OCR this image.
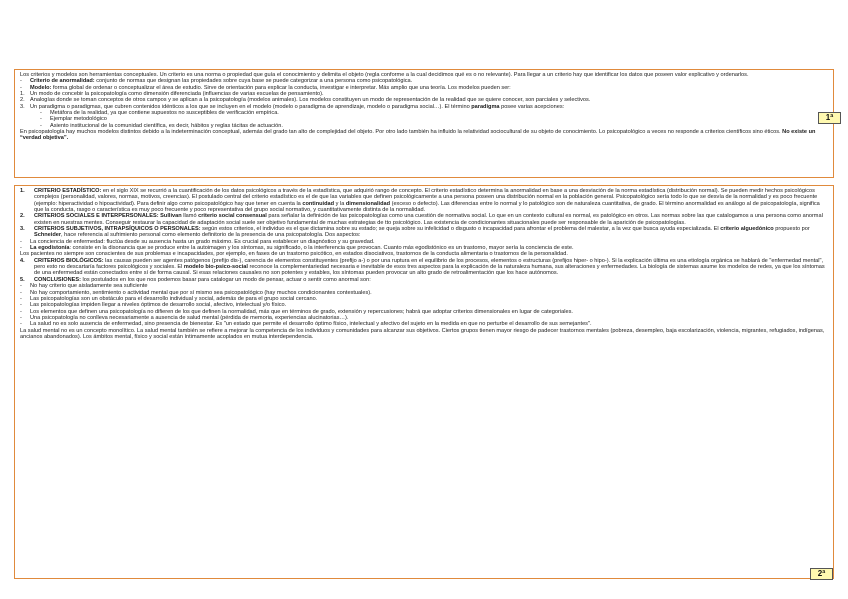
Los criterios y modelos son herramientas conceptuales. Un criterio es una norma o propiedad que guía el conocimiento y delimita el objeto (regla conforme a la cual decidimos qué es o no relevante). Para llegar a un criterio hay que identificar los datos que poseen valor explicativo y ordenarlos.

- Criterio de anormalidad: conjunto de normas que designan las propiedades sobre cuya base se puede categorizar a una persona como psicopatológica.

- Modelo: forma global de ordenar o conceptualizar el área de estudio. Sirve de orientación para explicar la conducta, investigar e interpretar. Más amplio que una teoría. Los modelos pueden ser:

1. Un modo de concebir la psicopatología como dimensión diferenciada (influencias de varias escuelas de pensamiento).

2. Analogías donde se toman conceptos de otros campos y se aplican a la psicopatología (modelos animales). Los modelos constituyen un modo de representación de la realidad que se quiere conocer, son parciales y selectivos.

3. Un paradigma o paradigmas, que cubren contenidos idénticos a los que se incluyen en el modelo (modelo o paradigma de aprendizaje, modelo o paradigma social…). El término paradigma posee varias acepciones:

- Metáfora de la realidad, ya que contiene supuestos no susceptibles de verificación empírica.

- Ejemplar metodológico

- Asiento institucional de la comunidad científica, es decir, hábitos y reglas tácitas de actuación.

En psicopatología hay muchos modelos distintos debido a la indeterminación conceptual, además del grado tan alto de complejidad del objeto. Por otro lado también ha influido la relatividad sociocultural de su objeto de conocimiento. Lo psicopatológico a veces no responde a criterios científicos sino éticos. No existe un “verdad objetiva”.

1ª

1. CRITERIO ESTADÍSTICO: en el siglo XIX se recurrió a la cuantificación de los datos psicológicos a través de la estadística, que adquirió rango de concepto. El criterio estadístico determina la anormalidad en base a una desviación de la norma estadística (distribución normal). Se pueden medir hechos psicológicos complejos (personalidad, valores, normas, motivos, creencias). El postulado central del criterio estadístico es el de que las variables que definen psicológicamente a una persona poseen una distribución normal en la población general. Psicopatológico sería todo lo que se desvía de la normalidad y es poco frecuente (ejemplo: hiperactividad o hipoactividad). Para definir algo como psicopatológico hay que tener en cuenta la continuidad y la dimensionalidad (exceso o defecto). Las diferencias entre lo normal y lo patológico son de naturaleza cuantitativa, de grado. El término anormalidad es análogo al de psicopatología, significa que la conducta, rasgo o característica es muy poco frecuente y poco representativa del grupo social normativo, y cuantitativamente distinta de la normalidad.

2. CRITERIOS SOCIALES E INTERPERSONALES: Sullivan llamó criterio social consensual para señalar la definición de las psicopatologías como una cuestión de normativa social. Lo que en un contexto cultural es normal, es patológico en otros. Las normas sobre las que catalogamos a una persona como anormal existen en nuestras mentes. Conseguir restaurar la capacidad de adaptación social suele ser objetivo fundamental de muchas estrategias de tto psicológico. Las existencia de condicionantes situacionales puede ser responsable de la aparición de psicopatologías.

3. CRITERIOS SUBJETIVOS, INTRAPSÍQUICOS O PERSONALES: según estos criterios, el individuo es el que dictamina sobre su estado; se queja sobre su infelicidad o disgusto o incapacidad para afrontar el problema del malestar, a la vez que busca ayuda especializada. El criterio alguedónico propuesto por Schneider, hace referencia al sufrimiento personal como elemento definitorio de la presencia de una psicopatología. Dos aspectos:

- La conciencia de enfermedad: fluctúa desde su ausencia hasta un grado máximo. Es crucial para establecer un diagnóstico y su gravedad.

- La egodistonía: consiste en la disonancia que se produce entre la autoimagen y los síntomas, su significado, o la interferencia que provocan. Cuanto más egodistónico es un trastorno, mayor sería la conciencia de este.

Los pacientes no siempre son conscientes de sus problemas e incapacidades, por ejemplo, en fases de un trastorno psicótico, en estados disociativos, trastornos de la conducta alimentaria o trastornos de la personalidad.

4. CRITERIOS BIOLÓGICOS: las causas pueden ser agentes patógenos (prefijo dis-), carencia de elementos constituyentes (prefijo a-) o por una ruptura en el equilibrio de los procesos, elementos o estructuras (prefijos hiper- o hipo-). Si la explicación última es una etiología orgánica se hablará de "enfermedad mental", pero esto no descartaría factores psicológicos y sociales. El modelo bio-psico-social reconoce la complementariedad necesaria e inevitable de esos tres aspectos para la explicación de la naturaleza humana, sus alteraciones y enfermedades. La biología de sistemas asume los modelos de redes, ya que los síntomas de una enfermedad están conectados entre sí de forma causal. Si esas relaciones causales no son potentes y estables, los síntomas pueden provocar un alto grado de retroalimentación que los hace autónomos.

5. CONCLUSIONES: los postulados en los que nos podemos basar para catalogar un modo de pensar, actuar o sentir como anormal son:

- No hay criterio que aisladamente sea suficiente

- No hay comportamiento, sentimiento o actividad mental que por sí mismo sea psicopatológico (hay muchos condicionantes contextuales).

- Las psicopatologías son un obstáculo para el desarrollo individual y social, además de para el grupo social cercano.

- Las psicopatologías impiden llegar a niveles óptimos de desarrollo social, afectivo, intelectual y/o físico.

- Los elementos que definen una psicopatología no difieren de los que definen la normalidad, más que en términos de grado, extensión y repercusiones; habrá que adoptar criterios dimensionales en lugar de categoriales.

- Una psicopatología no conlleva necesariamente a ausencia de salud mental (pérdida de memoria, experiencias alucinatorias…).

- La salud no es solo ausencia de enfermedad, sino presencia de bienestar. Es "un estado que permite el desarrollo óptimo físico, intelectual y afectivo del sujeto en la medida en que no perturbe el desarrollo de sus semejantes".

La salud mental no es un concepto monolítico. La salud mental también se refiere a mejorar la competencia de los individuos y comunidades para alcanzar sus objetivos. Ciertos grupos tienen mayor riesgo de padecer trastornos mentales (pobreza, desempleo, baja escolarización, violencia, migrantes, refugiados, indígenas, ancianos abandonados). Los ámbitos mental, físico y social están íntimamente acoplados en mutua interdependencia.

2ª
